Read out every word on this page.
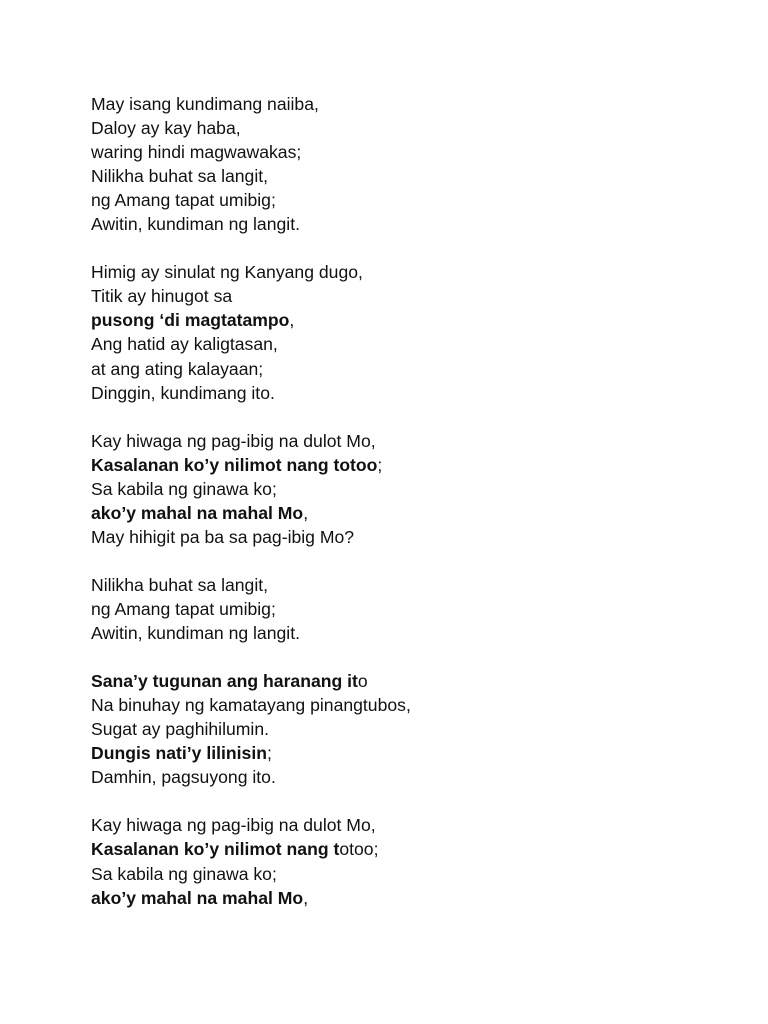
May isang kundimang naiiba,
Daloy ay kay haba,
waring hindi magwawakas;
Nilikha buhat sa langit,
ng Amang tapat umibig;
Awitin, kundiman ng langit.
Himig ay sinulat ng Kanyang dugo,
Titik ay hinugot sa
pusong ‘di magtatampo,
Ang hatid ay kaligtasan,
at ang ating kalayaan;
Dinggin, kundimang ito.
Kay hiwaga ng pag-ibig na dulot Mo,
Kasalanan ko’y nilimot nang totoo;
Sa kabila ng ginawa ko;
ako’y mahal na mahal Mo,
May hihigit pa ba sa pag-ibig Mo?
Nilikha buhat sa langit,
ng Amang tapat umibig;
Awitin, kundiman ng langit.
Sana’y tugunan ang haranang ito
Na binuhay ng kamatayang pinangtubos,
Sugat ay paghihilumin.
Dungis nati’y lilinisin;
Damhin, pagsuyong ito.
Kay hiwaga ng pag-ibig na dulot Mo,
Kasalanan ko’y nilimot nang totoo;
Sa kabila ng ginawa ko;
ako’y mahal na mahal Mo,
